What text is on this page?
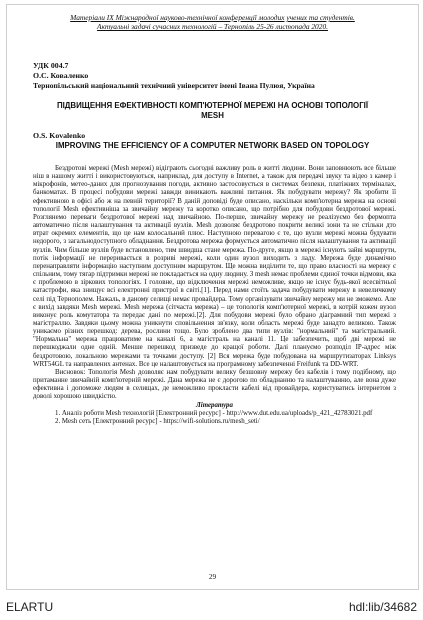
Матеріали IX Міжнародної науково-технічної конференції молодих учених та студентів.
Актуальні задачі сучасних технологій – Тернопіль 25-26 листопада 2020.
УДК 004.7
О.С. Коваленко
Тернопільський національний технічний університет імені Івана Пулюя, Україна
ПІДВИЩЕННЯ ЕФЕКТИВНОСТІ КОМП'ЮТЕРНОЇ МЕРЕЖІ НА ОСНОВІ ТОПОЛОГІЇ MESH
O.S. Kovalenko
IMPROVING THE EFFICIENCY OF A COMPUTER NETWORK BASED ON TOPOLOGY

Бездротові мережі (Mesh мережі) відіграють сьогодні важливу роль в житті людини. Вони заповнюють все більше ніш в нашому житті і використовуються, наприклад, для доступу в Internet, а також для передачі звуку та відео з камер і мікрофонів, метео-даних для прогнозування погоди, активно застосовується в системах безпеки, платіжних терміналах, банкоматах. В процесі побудови мережі завжди виникають важливі питання. Як побудувати мережу? Як зробити її ефективною в офісі або ж на певній території? В даній доповіді буде описано, наскільки комп'ютерна мережа на основі топології Mesh ефективніша за звичайну мережу та коротко описано, що потрібно для побудови бездротової мережі. Розглянемо переваги бездротової мережі над звичайною. По-перше, звичайну мережу не реалізуємо без фермопта автоматично після налаштування та активації вузлів. Mesh дозволяє бездротово покрити великі зони та не стільки дто втрат окремих елементів, що це нам колосальний плюс. Наступною перевагою є те, що вузли мережі можна будувати недорого, з загальнодоступного обладнання. Бездротова мережа формується автоматично після налаштування та активації вузлів. Чим більше вузлів буде встановлено, тим швидша стане мережа. По-друге, якщо в мережі існують зайві маршрути, потік інформації не переривається в розриві мережі, коли один вузол виходить з ладу. Мережа буде динамічно перенаправляти інформацію наступним доступним маршрутом. Ще можна виділити те, що право власності на мережу є спільним, тому тягар підтримки мережі не покладається на одну людину. З mesh немає проблеми єдиної точки відмови, яка є проблемою в зіркових топологіях. І головне, що відключення мережі неможливе, якщо не існує будь-якої всесвітньої катастрофи, яка знищує всі електронні пристрої в світі.[1]. Перед нами стоїть задача побудувати мережу в невеличкому селі під Тернополем. Нажаль, в даному селищі немає провайдера. Тому організувати звичайну мережу ми не зможемо. Але є вихід завдяки Mesh мережі. Mesh мережа (сітчаста мережа) – це топологія комп'ютерної мережі, в котрій кожен вузол виконує роль комутатора та передає дані по мережі.[2]. Для побудови мережі було обрано діаграмний тип мережі з магістраллю. Завдяки цьому можна уникнути сповільнення зв'язку, коли область мережі буде занадто великою. Також уникаємо різних перешкод: дерева, рослини тощо. Було зроблено два типи вузлів: "нормальний" та магістральний. "Нормальна" мережа працюватиме на каналі 6, а магістраль на каналі 11. Це забезпечить, щоб дві мережі не перешкоджали одне одній. Менше перешкод призведе до кращої роботи. Далі плануємо розподіл IP-адрес між бездротовою, локальною мережами та точками доступу. [2] Вся мережа буде побудована на маршрутизаторах Linksys WRT54GL та направлених антенах. Все це налаштовується на програмному забезпеченні Freifunk та DD-WRT.

Висновок: Топологія Mesh дозволяє нам побудувати велику безшовну мережу без кабелів і тому подібному, що притаманне звичайній комп'ютерній мережі. Дана мережа не є дорогою по обладнанню та налаштуванню, але вона дуже ефективна і допоможе людям в селищах, де неможливо прокласти кабелі від провайдера, користуватись інтернетом з доволі хорошою швидкістю.

Література

1. Аналіз роботи Mesh технологій [Електронний ресурс] - http://www.dut.edu.ua/uploads/p_421_42783021.pdf

2. Mesh сеть [Електронний ресурс] - https://wifi-solutions.ru/mesh_seti/

29
ELARTU	hdl:lib/34682
